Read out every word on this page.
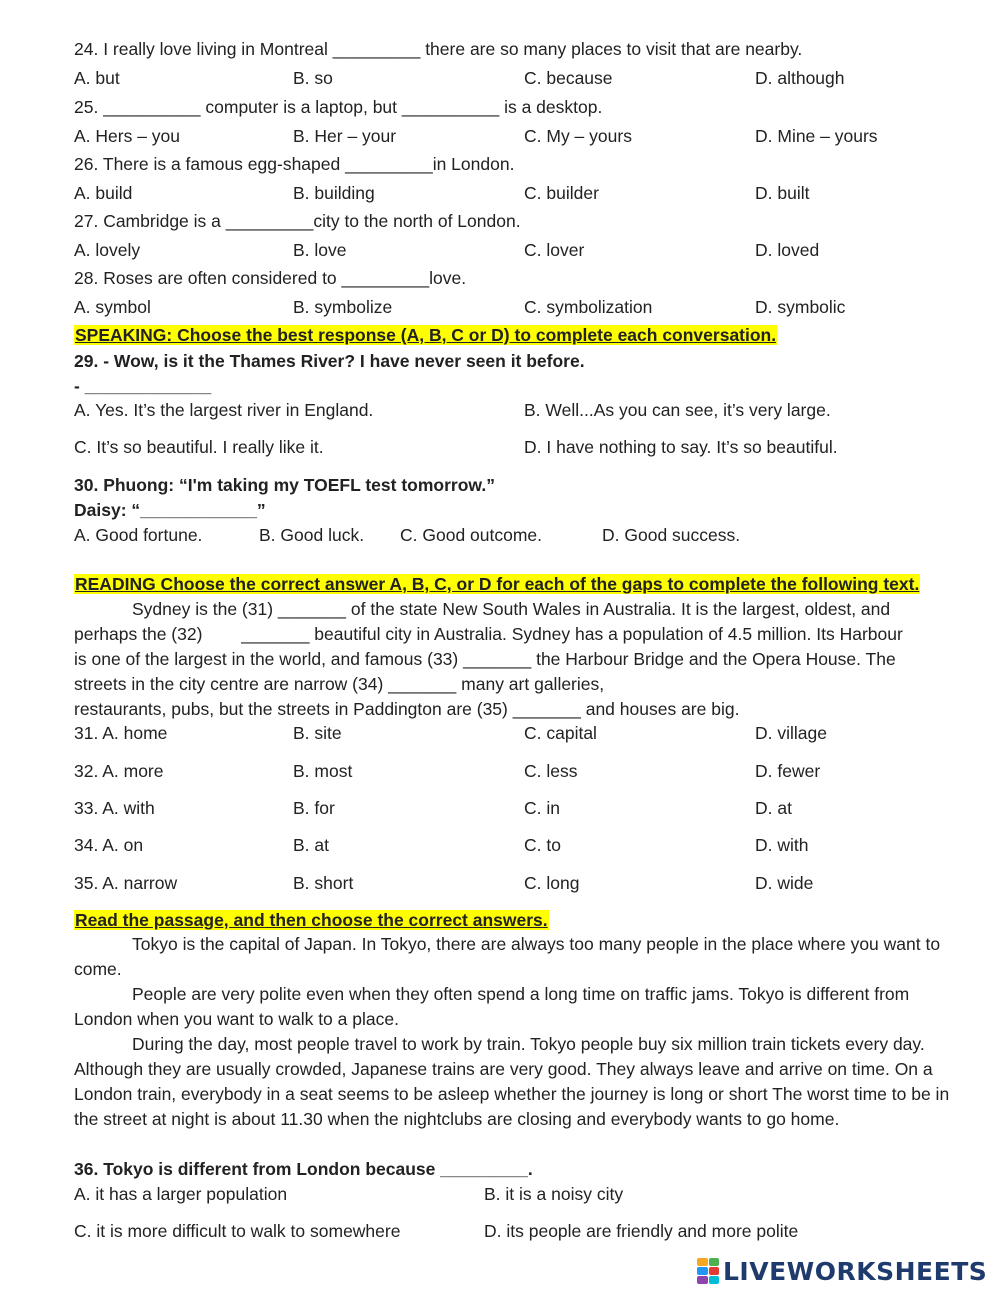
24. I really love living in Montreal _________ there are so many places to visit that are nearby.
A. but	B. so	C. because	D. although
25. __________ computer is a laptop, but __________ is a desktop.
A. Hers – you	B. Her – your	C. My – yours	D. Mine – yours
26. There is a famous egg-shaped _________in London.
A. build	B. building	C. builder	D. built
27. Cambridge is a _________city to the north of London.
A. lovely	B. love	C. lover	D. loved
28. Roses are often considered to _________love.
A. symbol	B. symbolize	C. symbolization	D. symbolic
SPEAKING: Choose the best response (A, B, C or D) to complete each conversation.
29. - Wow, is it the Thames River? I have never seen it before.
- _____________
A. Yes. It’s the largest river in England.	B. Well...As you can see, it’s very large.
C. It’s so beautiful. I really like it.	D. I have nothing to say. It’s so beautiful.
30. Phuong: “I'm taking my TOEFL test tomorrow.”
Daisy: “____________”
A. Good fortune.	B. Good luck. C. Good outcome.	D. Good success.
READING Choose the correct answer A, B, C, or D for each of the gaps to complete the following text.
Sydney is the (31) _______ of the state New South Wales in Australia. It is the largest, oldest, and
perhaps the (32)        _______ beautiful city in Australia. Sydney has a population of 4.5 million. Its Harbour
is one of the largest in the world, and famous (33) _______ the Harbour Bridge and the Opera House. The
streets in the city centre are narrow (34) _______ many art galleries,
restaurants, pubs, but the streets in Paddington are (35) _______ and houses are big.
31. A. home	B. site	C. capital	D. village
32. A. more	B. most	C. less	D. fewer
33. A. with	B. for	C. in	D. at
34. A. on	B. at	C. to	D. with
35. A. narrow	B. short	C. long	D. wide
Read the passage, and then choose the correct answers.
Tokyo is the capital of Japan. In Tokyo, there are always too many people in the place where you want to come.
People are very polite even when they often spend a long time on traffic jams. Tokyo is different from London when you want to walk to a place.
During the day, most people travel to work by train. Tokyo people buy six million train tickets every day. Although they are usually crowded, Japanese trains are very good. They always leave and arrive on time. On a London train, everybody in a seat seems to be asleep whether the journey is long or short The worst time to be in the street at night is about 11.30 when the nightclubs are closing and everybody wants to go home.
36. Tokyo is different from London because _________.
A. it has a larger population	B. it is a noisy city
C. it is more difficult to walk to somewhere	D. its people are friendly and more polite
LIVEWORKSHEETS
